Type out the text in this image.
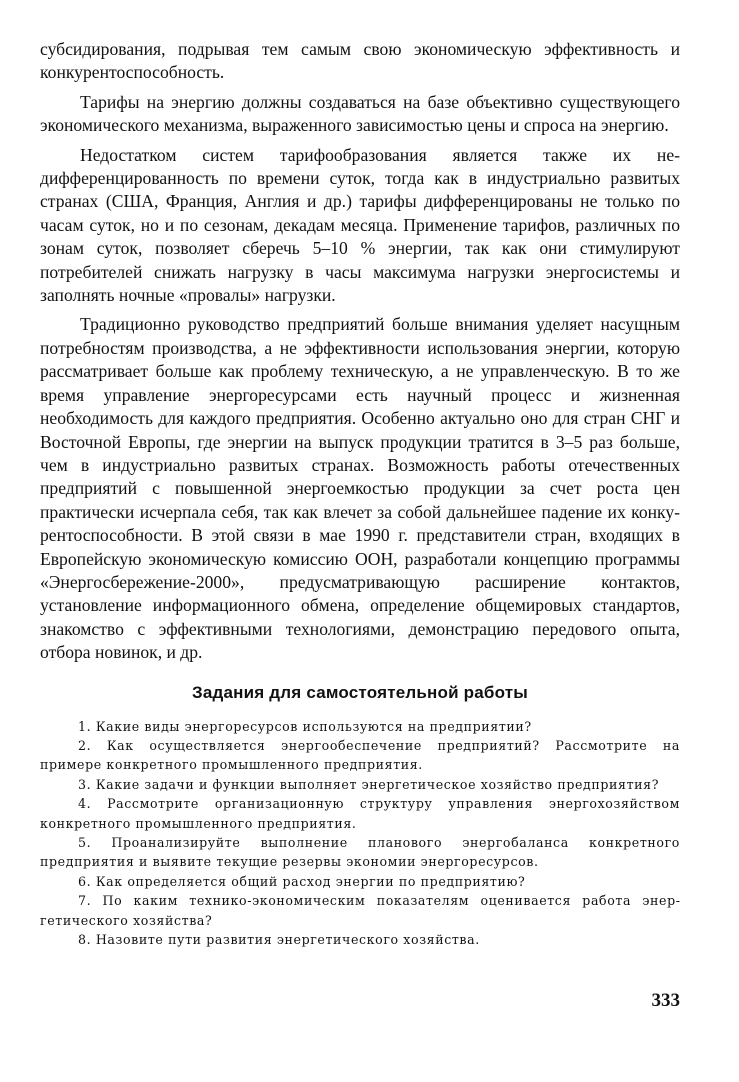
субсидирования, подрывая тем самым свою экономическую эффективность и конкурентоспособность.

Тарифы на энергию должны создаваться на базе объективно существующего экономического механизма, выраженного зависимостью цены и спроса на энергию.

Недостатком систем тарифообразования является также их недифференцированность по времени суток, тогда как в индустриально развитых странах (США, Франция, Англия и др.) тарифы дифференцированы не только по часам суток, но и по сезонам, декадам месяца. Применение тарифов, различных по зонам суток, позволяет сберечь 5–10 % энергии, так как они стимулируют потребителей снижать нагрузку в часы максимума нагрузки энергосистемы и заполнять ночные «провалы» нагрузки.

Традиционно руководство предприятий больше внимания уделяет насущным потребностям производства, а не эффективности использования энергии, которую рассматривает больше как проблему техническую, а не управленческую. В то же время управление энергоресурсами есть научный процесс и жизненная необходимость для каждого предприятия. Особенно актуально оно для стран СНГ и Восточной Европы, где энергии на выпуск продукции тратится в 3–5 раз больше, чем в индустриально развитых странах. Возможность работы отечественных предприятий с повышенной энергоемкостью продукции за счет роста цен практически исчерпала себя, так как влечет за собой дальнейшее падение их конкурентоспособности. В этой связи в мае 1990 г. представители стран, входящих в Европейскую экономическую комиссию ООН, разработали концепцию программы «Энергосбережение-2000», предусматривающую расширение контактов, установление информационного обмена, определение общемировых стандартов, знакомство с эффективными технологиями, демонстрацию передового опыта, отбора новинок, и др.

Задания для самостоятельной работы
1. Какие виды энергоресурсов используются на предприятии?
2. Как осуществляется энергообеспечение предприятий? Рассмотрите на примере конкретного промышленного предприятия.
3. Какие задачи и функции выполняет энергетическое хозяйство предприятия?
4. Рассмотрите организационную структуру управления энергохозяйством конкретного промышленного предприятия.
5. Проанализируйте выполнение планового энергобаланса конкретного предприятия и выявите текущие резервы экономии энергоресурсов.
6. Как определяется общий расход энергии по предприятию?
7. По каким технико-экономическим показателям оценивается работа энергетического хозяйства?
8. Назовите пути развития энергетического хозяйства.
333
